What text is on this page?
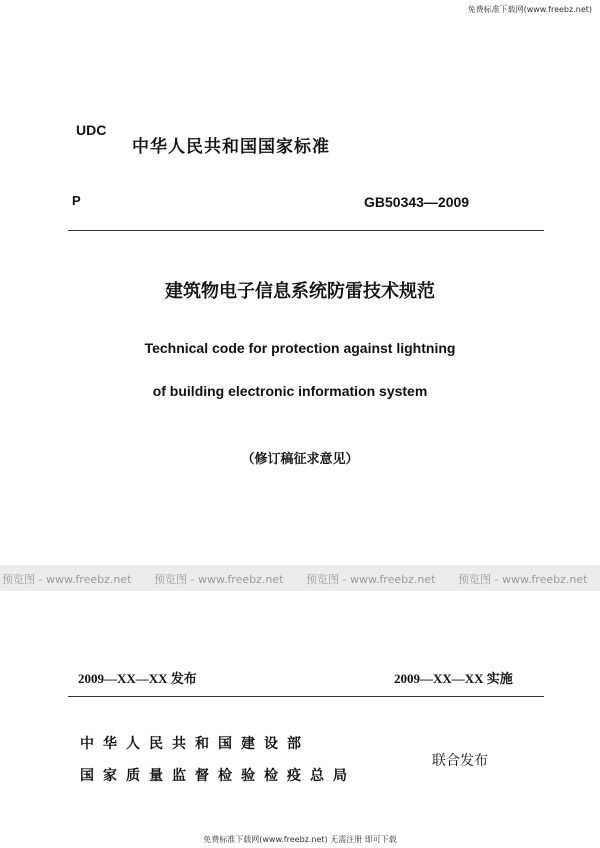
免费标准下载网(www.freebz.net)
UDC
中华人民共和国国家标准
P	GB50343—2009
建筑物电子信息系统防雷技术规范
Technical code for protection against lightning
of building electronic information system
（修订稿征求意见）
预览图 - www.freebz.net 预览图 - www.freebz.net 预览图 - www.freebz.net 预览图 - www.freebz.net
2009—XX—XX 发布	2009—XX—XX 实施
中华人民共和国建设部
国家质量监督检验检疫总局
联合发布
免费标准下载网(www.freebz.net) 无需注册 即可下载
